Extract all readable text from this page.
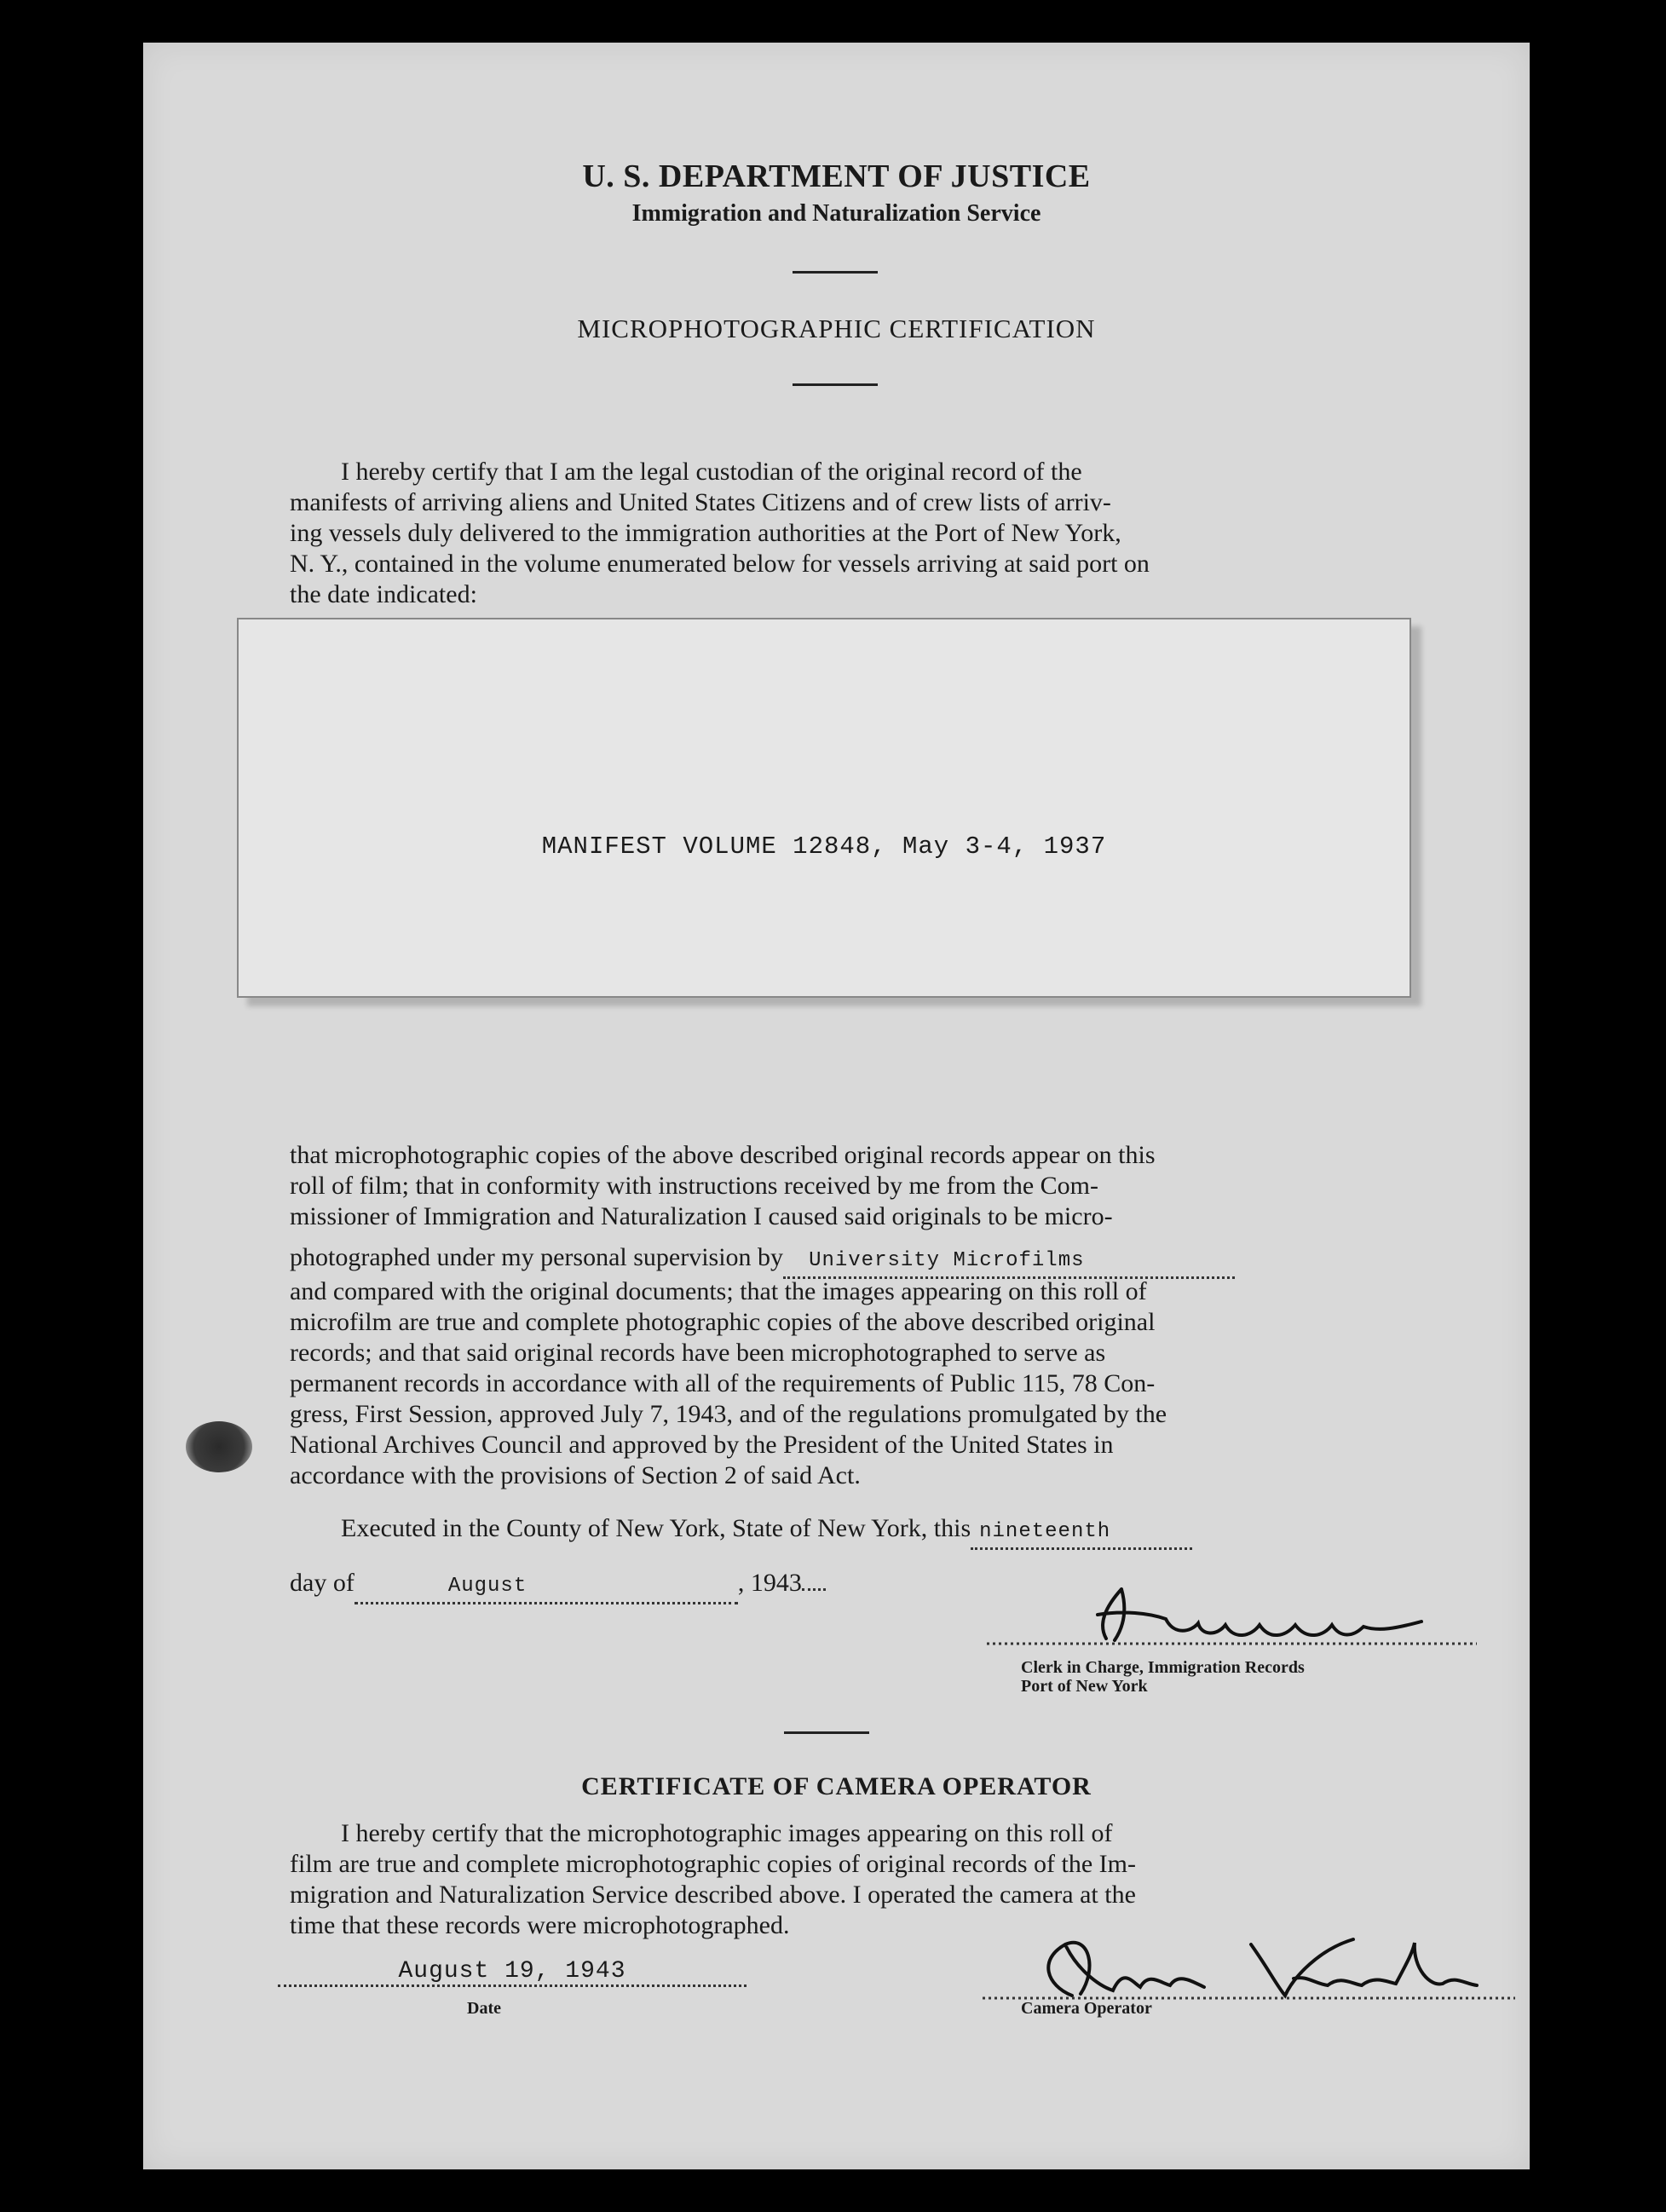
U. S. DEPARTMENT OF JUSTICE
Immigration and Naturalization Service
MICROPHOTOGRAPHIC CERTIFICATION
I hereby certify that I am the legal custodian of the original record of the
manifests of arriving aliens and United States Citizens and of crew lists of arriv-
ing vessels duly delivered to the immigration authorities at the Port of New York,
N. Y., contained in the volume enumerated below for vessels arriving at said port on
the date indicated:
MANIFEST VOLUME 12848, May 3-4, 1937
that microphotographic copies of the above described original records appear on this
roll of film; that in conformity with instructions received by me from the Com-
missioner of Immigration and Naturalization I caused said originals to be micro-
photographed under my personal supervision by University Microfilms
and compared with the original documents; that the images appearing on this roll of
microfilm are true and complete photographic copies of the above described original
records; and that said original records have been microphotographed to serve as
permanent records in accordance with all of the requirements of Public 115, 78 Con-
gress, First Session, approved July 7, 1943, and of the regulations promulgated by the
National Archives Council and approved by the President of the United States in
accordance with the provisions of Section 2 of said Act.
Executed in the County of New York, State of New York, this nineteenth
day of	August	, 1943
Clerk in Charge, Immigration Records
Port of New York
CERTIFICATE OF CAMERA OPERATOR
I hereby certify that the microphotographic images appearing on this roll of
film are true and complete microphotographic copies of original records of the Im-
migration and Naturalization Service described above. I operated the camera at the
time that these records were microphotographed.
August 19, 1943
Date	Camera Operator
